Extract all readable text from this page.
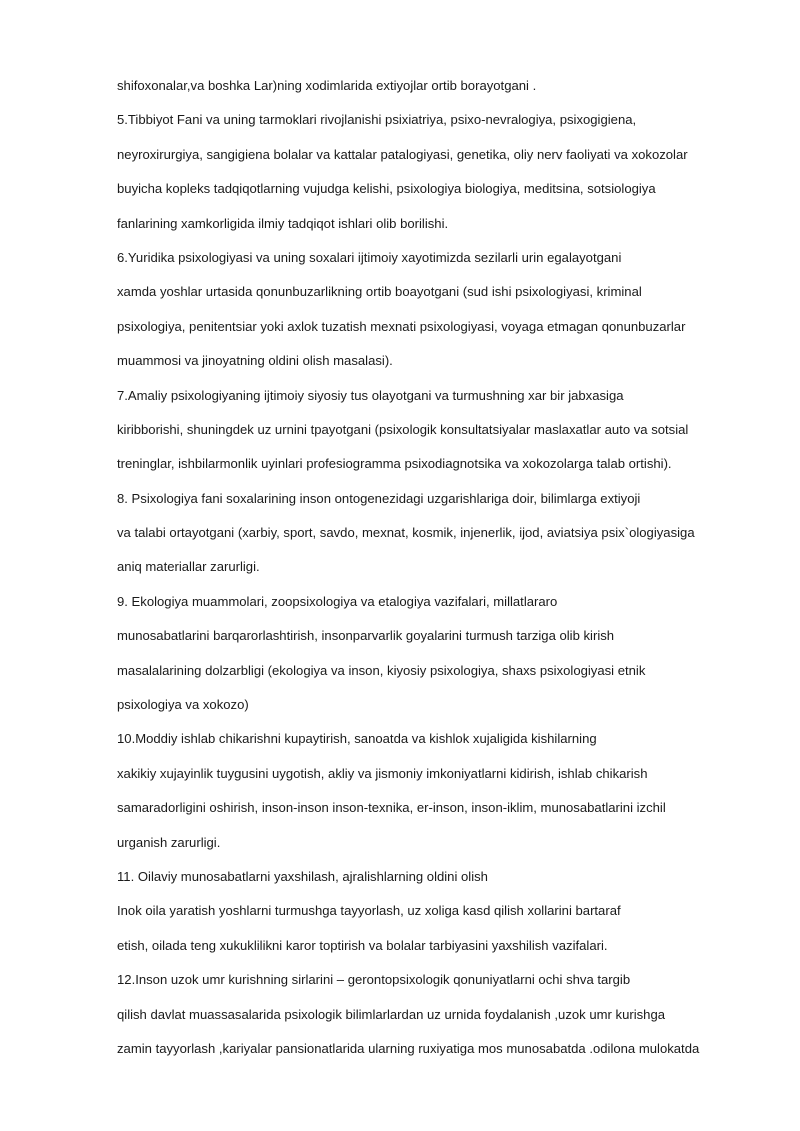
shifoxonalar,va boshka Lar)ning xodimlarida extiyojlar ortib borayotgani .
5.Tibbiyot Fani va uning tarmoklari rivojlanishi psixiatriya, psixo-nevralogiya, psixogigiena,
neyroxirurgiya, sangigiena bolalar va kattalar patalogiyasi, genetika, oliy nerv faoliyati va xokozolar
buyicha kopleks tadqiqotlarning vujudga kelishi, psixologiya biologiya, meditsina, sotsiologiya
fanlarining xamkorligida ilmiy tadqiqot ishlari olib borilishi.
6.Yuridika psixologiyasi va uning soxalari ijtimoiy xayotimizda sezilarli urin egalayotgani
xamda yoshlar urtasida qonunbuzarlikning ortib boayotgani (sud ishi psixologiyasi, kriminal
psixologiya, penitentsiar yoki axlok tuzatish mexnati psixologiyasi, voyaga etmagan qonunbuzarlar
muammosi va jinoyatning oldini olish masalasi).
7.Amaliy psixologiyaning ijtimoiy siyosiy tus olayotgani va turmushning xar bir jabxasiga
kiribborishi, shuningdek uz urnini tpayotgani (psixologik konsultatsiyalar maslaxatlar auto va sotsial
treninglar, ishbilarmonlik uyinlari profesiogramma psixodiagnotsika va xokozolarga talab ortishi).
8. Psixologiya fani soxalarining inson ontogenezidagi uzgarishlariga doir, bilimlarga extiyoji
va talabi ortayotgani (xarbiy, sport, savdo, mexnat, kosmik, injenerlik, ijod, aviatsiya psix`ologiyasiga
aniq materiallar zarurligi.
9. Ekologiya muammolari, zoopsixologiya va etalogiya vazifalari, millatlararo
munosabatlarini barqarorlashtirish, insonparvarlik goyalarini turmush tarziga olib kirish
masalalarining dolzarbligi (ekologiya va inson, kiyosiy psixologiya, shaxs psixologiyasi etnik
psixologiya va xokozo)
10.Moddiy ishlab chikarishni kupaytirish, sanoatda va kishlok xujaligida kishilarning
xakikiy xujayinlik tuygusini uygotish, akliy va jismoniy imkoniyatlarni kidirish, ishlab chikarish
samaradorligini oshirish, inson-inson inson-texnika, er-inson, inson-iklim, munosabatlarini izchil
urganish zarurligi.
11. Oilaviy munosabatlarni yaxshilash, ajralishlarning oldini olish
Inok oila yaratish yoshlarni turmushga tayyorlash, uz xoliga kasd qilish xollarini bartaraf
etish, oilada teng xukuklilikni karor toptirish va bolalar tarbiyasini yaxshilish vazifalari.
12.Inson uzok umr kurishning sirlarini – gerontopsixologik qonuniyatlarni ochi shva targib
qilish davlat muassasalarida psixologik bilimlarlardan uz urnida foydalanish ,uzok umr kurishga
zamin tayyorlash ,kariyalar pansionatlarida ularning ruxiyatiga mos munosabatda .odilona mulokatda
